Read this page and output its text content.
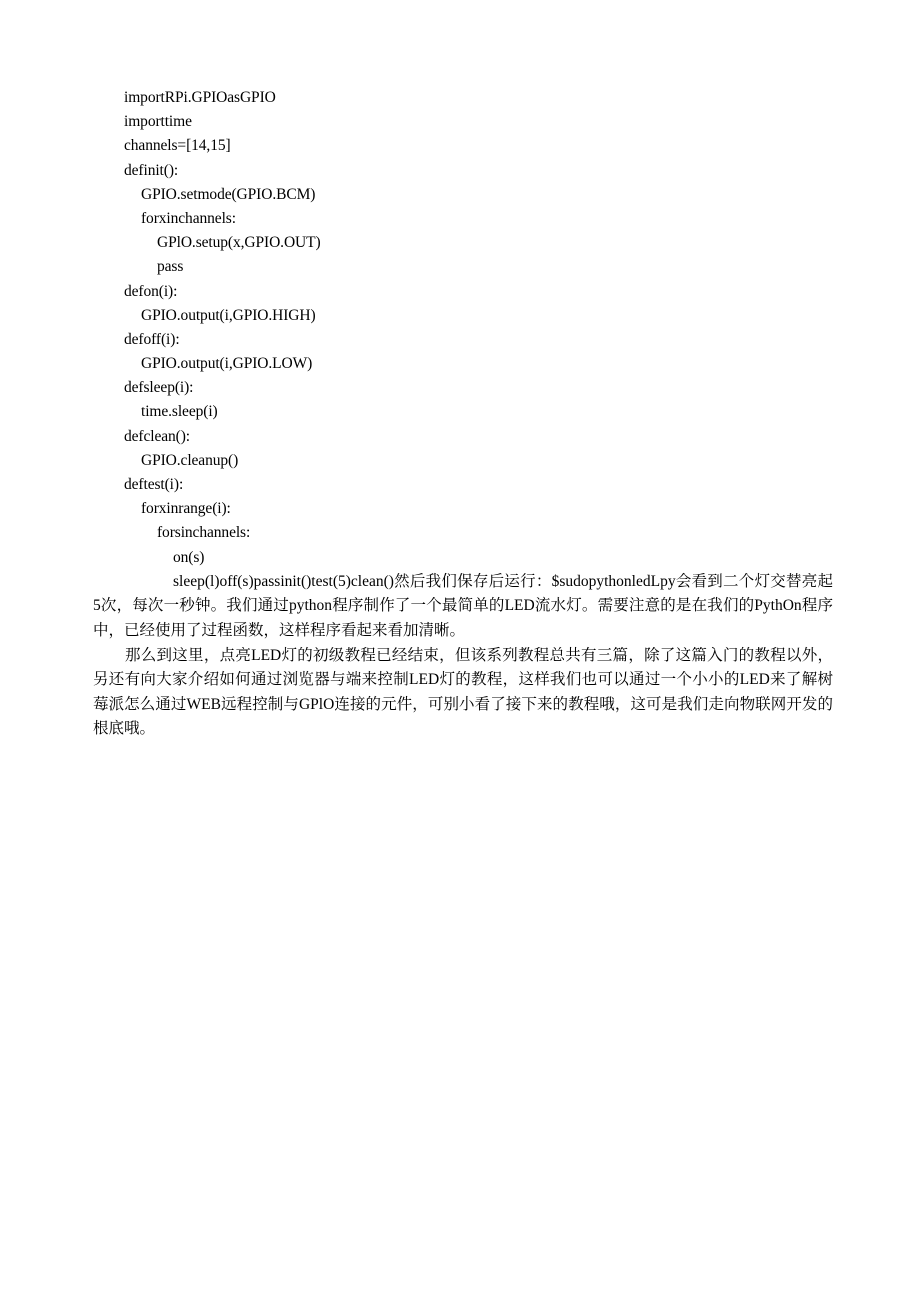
importRPi.GPIOasGPIO
importtime
channels=[14,15]
definit():
GPIO.setmode(GPIO.BCM)
forxinchannels:
GPlO.setup(x,GPIO.OUT)
pass
defon(i):
GPIO.output(i,GPIO.HIGH)
defoff(i):
GPIO.output(i,GPIO.LOW)
defsleep(i):
time.sleep(i)
defclean():
GPIO.cleanup()
deftest(i):
forxinrange(i):
forsinchannels:
on(s)

sleep(l)off(s)passinit()test(5)clean()然后我们保存后运行：$sudopythonledLpy会看到二个灯交替亮起5次，每次一秒钟。我们通过python程序制作了一个最简单的LED流水灯。需要注意的是在我们的PythOn程序中，已经使用了过程函数，这样程序看起来看加清晰。

那么到这里，点亮LED灯的初级教程已经结束，但该系列教程总共有三篇，除了这篇入门的教程以外，另还有向大家介绍如何通过浏览器与端来控制LED灯的教程，这样我们也可以通过一个小小的LED来了解树莓派怎么通过WEB远程控制与GPlO连接的元件，可别小看了接下来的教程哦，这可是我们走向物联网开发的根底哦。
